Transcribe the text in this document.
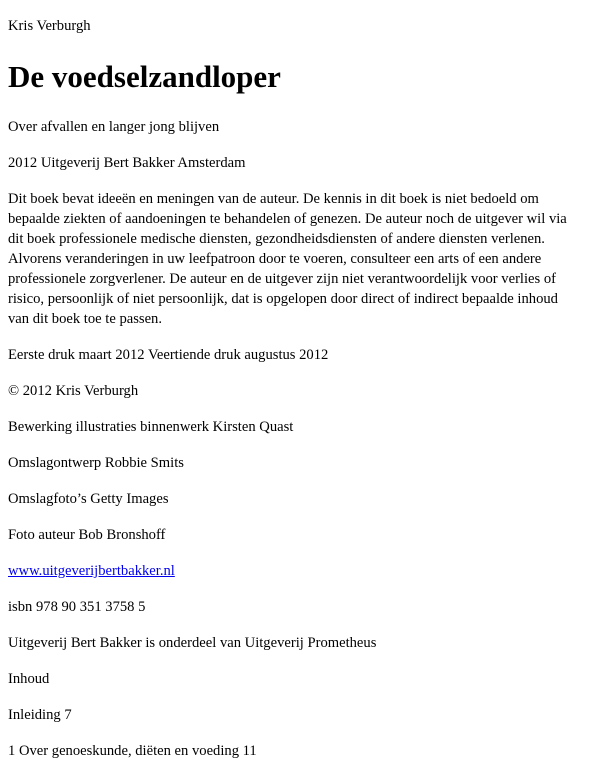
Kris Verburgh

De voedselzandloper

Over afvallen en langer jong blijven

2012 Uitgeverij Bert Bakker Amsterdam

Dit boek bevat ideeën en meningen van de auteur. De kennis in dit boek is niet bedoeld om bepaalde ziekten of aandoeningen te behandelen of genezen. De auteur noch de uitgever wil via dit boek professionele medische diensten, gezondheidsdiensten of andere diensten verlenen. Alvorens veranderingen in uw leefpatroon door te voeren, consulteer een arts of een andere professionele zorgverlener. De auteur en de uitgever zijn niet verantwoordelijk voor verlies of risico, persoonlijk of niet persoonlijk, dat is opgelopen door direct of indirect bepaalde inhoud van dit boek toe te passen.

Eerste druk maart 2012 Veertiende druk augustus 2012

© 2012 Kris Verburgh

Bewerking illustraties binnenwerk Kirsten Quast

Omslagontwerp Robbie Smits

Omslagfoto’s Getty Images

Foto auteur Bob Bronshoff

www.uitgeverijbertbakker.nl

isbn 978 90 351 3758 5

Uitgeverij Bert Bakker is onderdeel van Uitgeverij Prometheus

Inhoud

Inleiding 7

1 Over genoeskunde, diëten en voeding 11
